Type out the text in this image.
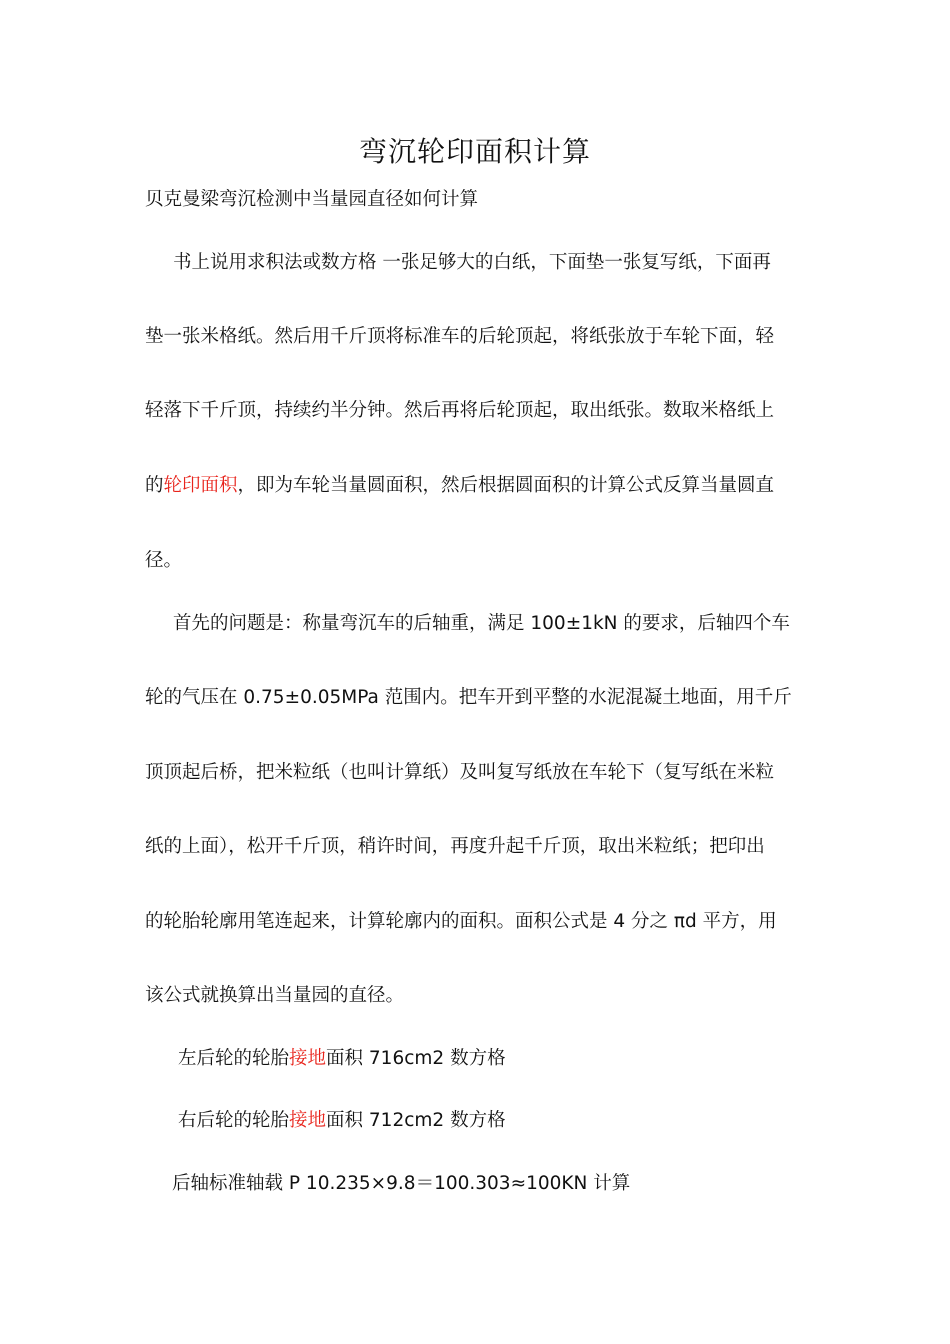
弯沉轮印面积计算
贝克曼梁弯沉检测中当量园直径如何计算
书上说用求积法或数方格 一张足够大的白纸，下面垫一张复写纸，下面再
垫一张米格纸。然后用千斤顶将标准车的后轮顶起，将纸张放于车轮下面，轻
轻落下千斤顶，持续约半分钟。然后再将后轮顶起，取出纸张。数取米格纸上
的轮印面积，即为车轮当量圆面积，然后根据圆面积的计算公式反算当量圆直
径。
首先的问题是：称量弯沉车的后轴重，满足 100±1kN 的要求，后轴四个车
轮的气压在 0.75±0.05MPa 范围内。把车开到平整的水泥混凝土地面，用千斤
顶顶起后桥，把米粒纸（也叫计算纸）及叫复写纸放在车轮下（复写纸在米粒
纸的上面），松开千斤顶，稍许时间，再度升起千斤顶，取出米粒纸；把印出
的轮胎轮廓用笔连起来，计算轮廓内的面积。面积公式是 4 分之 πd 平方，用
该公式就换算出当量园的直径。
左后轮的轮胎接地面积 716cm2 数方格
右后轮的轮胎接地面积 712cm2 数方格
后轴标准轴载 P 10.235×9.8＝100.303≈100KN 计算
